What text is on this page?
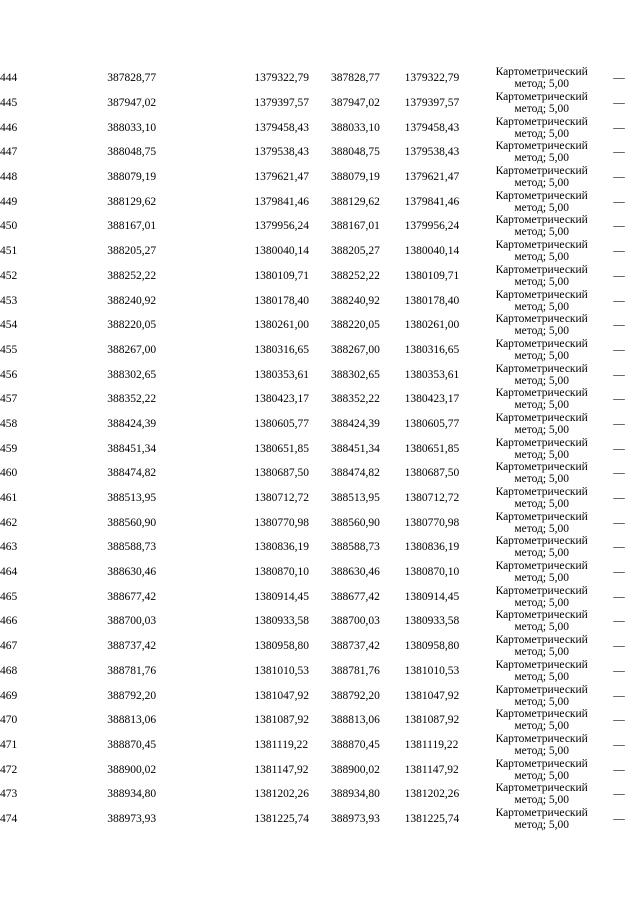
444	387828,77	1379322,79	387828,77	1379322,79	Картометрический
метод; 5,00	—
445	387947,02	1379397,57	387947,02	1379397,57	Картометрический
метод; 5,00	—
446	388033,10	1379458,43	388033,10	1379458,43	Картометрический
метод; 5,00	—
447	388048,75	1379538,43	388048,75	1379538,43	Картометрический
метод; 5,00	—
448	388079,19	1379621,47	388079,19	1379621,47	Картометрический
метод; 5,00	—
449	388129,62	1379841,46	388129,62	1379841,46	Картометрический
метод; 5,00	—
450	388167,01	1379956,24	388167,01	1379956,24	Картометрический
метод; 5,00	—
451	388205,27	1380040,14	388205,27	1380040,14	Картометрический
метод; 5,00	—
452	388252,22	1380109,71	388252,22	1380109,71	Картометрический
метод; 5,00	—
453	388240,92	1380178,40	388240,92	1380178,40	Картометрический
метод; 5,00	—
454	388220,05	1380261,00	388220,05	1380261,00	Картометрический
метод; 5,00	—
455	388267,00	1380316,65	388267,00	1380316,65	Картометрический
метод; 5,00	—
456	388302,65	1380353,61	388302,65	1380353,61	Картометрический
метод; 5,00	—
457	388352,22	1380423,17	388352,22	1380423,17	Картометрический
метод; 5,00	—
458	388424,39	1380605,77	388424,39	1380605,77	Картометрический
метод; 5,00	—
459	388451,34	1380651,85	388451,34	1380651,85	Картометрический
метод; 5,00	—
460	388474,82	1380687,50	388474,82	1380687,50	Картометрический
метод; 5,00	—
461	388513,95	1380712,72	388513,95	1380712,72	Картометрический
метод; 5,00	—
462	388560,90	1380770,98	388560,90	1380770,98	Картометрический
метод; 5,00	—
463	388588,73	1380836,19	388588,73	1380836,19	Картометрический
метод; 5,00	—
464	388630,46	1380870,10	388630,46	1380870,10	Картометрический
метод; 5,00	—
465	388677,42	1380914,45	388677,42	1380914,45	Картометрический
метод; 5,00	—
466	388700,03	1380933,58	388700,03	1380933,58	Картометрический
метод; 5,00	—
467	388737,42	1380958,80	388737,42	1380958,80	Картометрический
метод; 5,00	—
468	388781,76	1381010,53	388781,76	1381010,53	Картометрический
метод; 5,00	—
469	388792,20	1381047,92	388792,20	1381047,92	Картометрический
метод; 5,00	—
470	388813,06	1381087,92	388813,06	1381087,92	Картометрический
метод; 5,00	—
471	388870,45	1381119,22	388870,45	1381119,22	Картометрический
метод; 5,00	—
472	388900,02	1381147,92	388900,02	1381147,92	Картометрический
метод; 5,00	—
473	388934,80	1381202,26	388934,80	1381202,26	Картометрический
метод; 5,00	—
474	388973,93	1381225,74	388973,93	1381225,74	Картометрический
метод; 5,00	—
